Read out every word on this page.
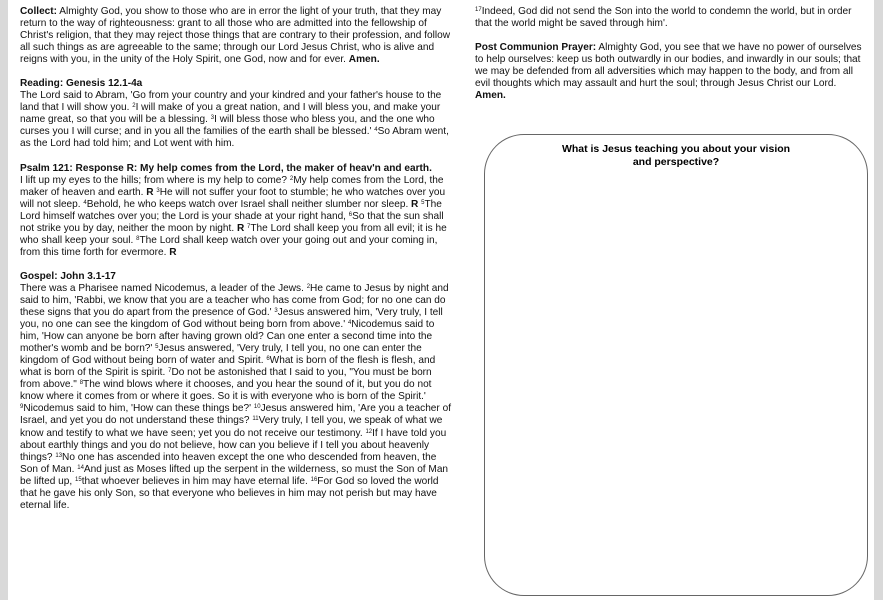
Collect: Almighty God, you show to those who are in error the light of your truth, that they may return to the way of righteousness: grant to all those who are admitted into the fellowship of Christ's religion, that they may reject those things that are contrary to their profession, and follow all such things as are agreeable to the same; through our Lord Jesus Christ, who is alive and reigns with you, in the unity of the Holy Spirit, one God, now and for ever. Amen.

Reading: Genesis 12.1-4a

The Lord said to Abram, 'Go from your country and your kindred and your father's house to the land that I will show you. $^2$I will make of you a great nation, and I will bless you, and make your name great, so that you will be a blessing. $^3$I will bless those who bless you, and the one who curses you I will curse; and in you all the families of the earth shall be blessed.' $^4$So Abram went, as the Lord had told him; and Lot went with him.

Psalm 121: Response R: My help comes from the Lord, the maker of heav'n and earth.

I lift up my eyes to the hills; from where is my help to come? $^2$My help comes from the Lord, the maker of heaven and earth. R $^3$He will not suffer your foot to stumble; he who watches over you will not sleep. $^4$Behold, he who keeps watch over Israel shall neither slumber nor sleep. R $^5$The Lord himself watches over you; the Lord is your shade at your right hand, $^6$So that the sun shall not strike you by day, neither the moon by night. R $^7$The Lord shall keep you from all evil; it is he who shall keep your soul. $^8$The Lord shall keep watch over your going out and your coming in, from this time forth for evermore. R

Gospel: John 3.1-17

There was a Pharisee named Nicodemus, a leader of the Jews. $^2$He came to Jesus by night and said to him, 'Rabbi, we know that you are a teacher who has come from God; for no one can do these signs that you do apart from the presence of God.' $^3$Jesus answered him, 'Very truly, I tell you, no one can see the kingdom of God without being born from above.' $^4$Nicodemus said to him, 'How can anyone be born after having grown old? Can one enter a second time into the mother's womb and be born?' $^5$Jesus answered, 'Very truly, I tell you, no one can enter the kingdom of God without being born of water and Spirit. $^6$What is born of the flesh is flesh, and what is born of the Spirit is spirit. $^7$Do not be astonished that I said to you, "You must be born from above." $^8$The wind blows where it chooses, and you hear the sound of it, but you do not know where it comes from or where it goes. So it is with everyone who is born of the Spirit.' $^9$Nicodemus said to him, 'How can these things be?' $^{10}$Jesus answered him, 'Are you a teacher of Israel, and yet you do not understand these things? $^{11}$Very truly, I tell you, we speak of what we know and testify to what we have seen; yet you do not receive our testimony. $^{12}$If I have told you about earthly things and you do not believe, how can you believe if I tell you about heavenly things? $^{13}$No one has ascended into heaven except the one who descended from heaven, the Son of Man. $^{14}$And just as Moses lifted up the serpent in the wilderness, so must the Son of Man be lifted up, $^{15}$that whoever believes in him may have eternal life. $^{16}$For God so loved the world that he gave his only Son, so that everyone who believes in him may not perish but may have eternal life.

$^{17}$Indeed, God did not send the Son into the world to condemn the world, but in order that the world might be saved through him'.

Post Communion Prayer: Almighty God, you see that we have no power of ourselves to help ourselves: keep us both outwardly in our bodies, and inwardly in our souls; that we may be defended from all adversities which may happen to the body, and from all evil thoughts which may assault and hurt the soul; through Jesus Christ our Lord. Amen.
What is Jesus teaching you about your vision
and perspective?
